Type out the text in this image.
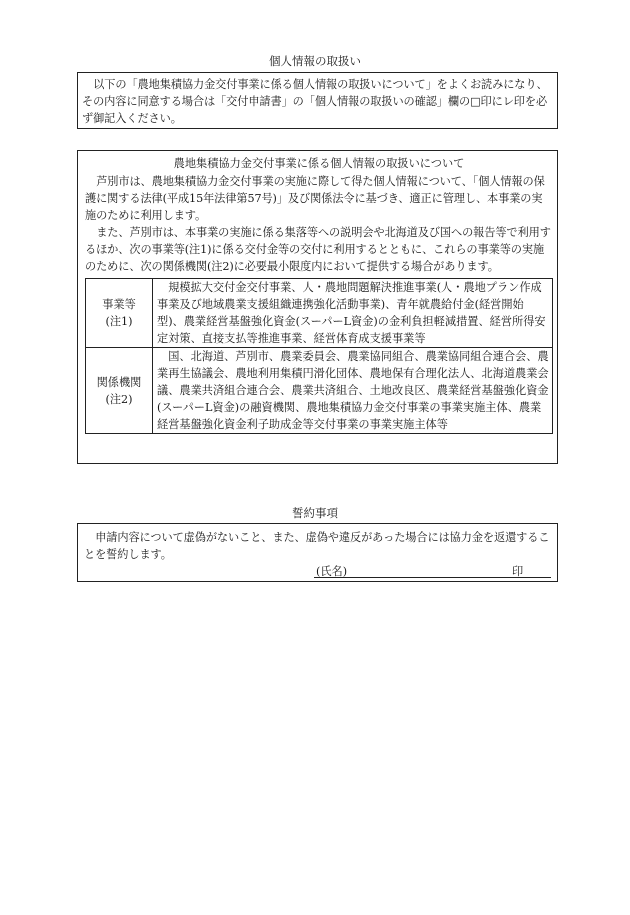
個人情報の取扱い

以下の「農地集積協力金交付事業に係る個人情報の取扱いについて」をよくお読みになり、その内容に同意する場合は「交付申請書」の「個人情報の取扱いの確認」欄の□印にレ印を必ず御記入ください。

農地集積協力金交付事業に係る個人情報の取扱いについて

芦別市は、農地集積協力金交付事業の実施に際して得た個人情報について、「個人情報の保護に関する法律(平成15年法律第57号)」及び関係法令に基づき、適正に管理し、本事業の実施のために利用します。

また、芦別市は、本事業の実施に係る集落等への説明会や北海道及び国への報告等で利用するほか、次の事業等(注1)に係る交付金等の交付に利用するとともに、これらの事業等の実施のために、次の関係機関(注2)に必要最小限度内において提供する場合があります。

事業等
(注1)	規模拡大交付金交付事業、人・農地問題解決推進事業(人・農地プラン作成事業及び地域農業支援組織連携強化活動事業)、青年就農給付金(経営開始型)、農業経営基盤強化資金(スーパーL資金)の金利負担軽減措置、経営所得安定対策、直接支払等推進事業、経営体育成支援事業等

関係機関
(注2)	国、北海道、芦別市、農業委員会、農業協同組合、農業協同組合連合会、農業再生協議会、農地利用集積円滑化団体、農地保有合理化法人、北海道農業会議、農業共済組合連合会、農業共済組合、土地改良区、農業経営基盤強化資金(スーパーL資金)の融資機関、農地集積協力金交付事業の事業実施主体、農業経営基盤強化資金利子助成金等交付事業の事業実施主体等
誓約事項

申請内容について虚偽がないこと、また、虚偽や違反があった場合には協力金を返還することを誓約します。

(氏名)	印
